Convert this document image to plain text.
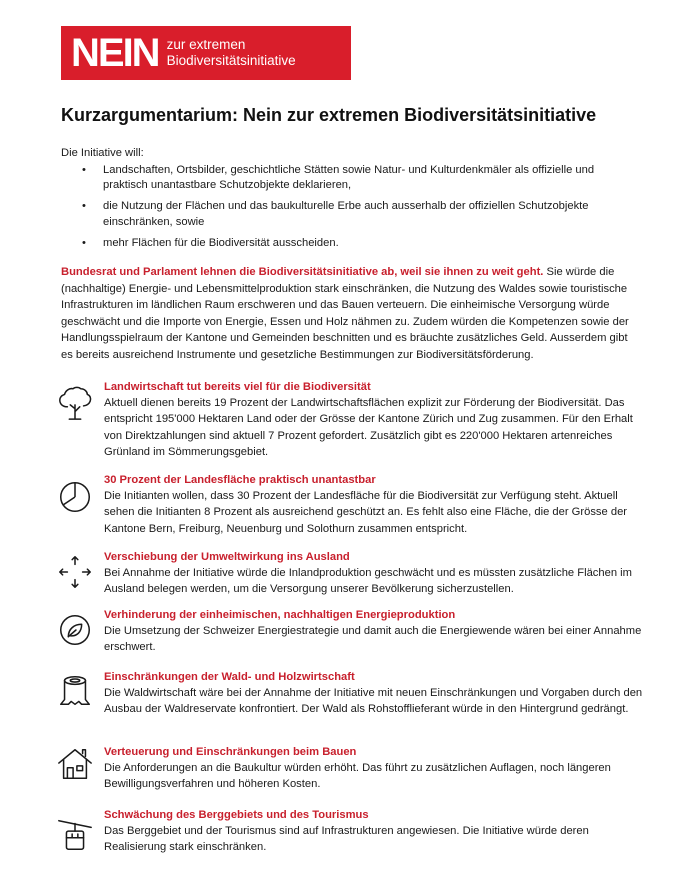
NEIN zur extremen
Biodiversitätsinitiative
Kurzargumentarium: Nein zur extremen Biodiversitätsinitiative
Die Initiative will:
• Landschaften, Ortsbilder, geschichtliche Stätten sowie Natur- und Kulturdenkmäler als offizielle und praktisch unantastbare Schutzobjekte deklarieren,
• die Nutzung der Flächen und das baukulturelle Erbe auch ausserhalb der offiziellen Schutzobjekte einschränken, sowie
• mehr Flächen für die Biodiversität ausscheiden.

Bundesrat und Parlament lehnen die Biodiversitätsinitiative ab, weil sie ihnen zu weit geht. Sie würde die (nachhaltige) Energie- und Lebensmittelproduktion stark einschränken, die Nutzung des Waldes sowie touristische Infrastrukturen im ländlichen Raum erschweren und das Bauen verteuern. Die einheimische Versorgung würde geschwächt und die Importe von Energie, Essen und Holz nähmen zu. Zudem würden die Kompetenzen sowie der Handlungsspielraum der Kantone und Gemeinden beschnitten und es bräuchte zusätzliches Geld. Ausserdem gibt es bereits ausreichend Instrumente und gesetzliche Bestimmungen zur Biodiversitätsförderung.

Landwirtschaft tut bereits viel für die Biodiversität

Aktuell dienen bereits 19 Prozent der Landwirtschaftsflächen explizit zur Förderung der Biodiversität. Das entspricht 195'000 Hektaren Land oder der Grösse der Kantone Zürich und Zug zusammen. Für den Erhalt von Direktzahlungen sind aktuell 7 Prozent gefordert. Zusätzlich gibt es 220'000 Hektaren artenreiches Grünland im Sömmerungsgebiet.

30 Prozent der Landesfläche praktisch unantastbar

Die Initianten wollen, dass 30 Prozent der Landesfläche für die Biodiversität zur Verfügung steht. Aktuell sehen die Initianten 8 Prozent als ausreichend geschützt an. Es fehlt also eine Fläche, die der Grösse der Kantone Bern, Freiburg, Neuenburg und Solothurn zusammen entspricht.

Verschiebung der Umweltwirkung ins Ausland

Bei Annahme der Initiative würde die Inlandproduktion geschwächt und es müssten zusätzliche Flächen im Ausland belegen werden, um die Versorgung unserer Bevölkerung sicherzustellen.

Verhinderung der einheimischen, nachhaltigen Energieproduktion

Die Umsetzung der Schweizer Energiestrategie und damit auch die Energiewende wären bei einer Annahme erschwert.

Einschränkungen der Wald- und Holzwirtschaft

Die Waldwirtschaft wäre bei der Annahme der Initiative mit neuen Einschränkungen und Vorgaben durch den Ausbau der Waldreservate konfrontiert. Der Wald als Rohstofflieferant würde in den Hintergrund gedrängt.

Verteuerung und Einschränkungen beim Bauen

Die Anforderungen an die Baukultur würden erhöht. Das führt zu zusätzlichen Auflagen, noch längeren Bewilligungsverfahren und höheren Kosten.

Schwächung des Berggebiets und des Tourismus

Das Berggebiet und der Tourismus sind auf Infrastrukturen angewiesen. Die Initiative würde deren Realisierung stark einschränken.
